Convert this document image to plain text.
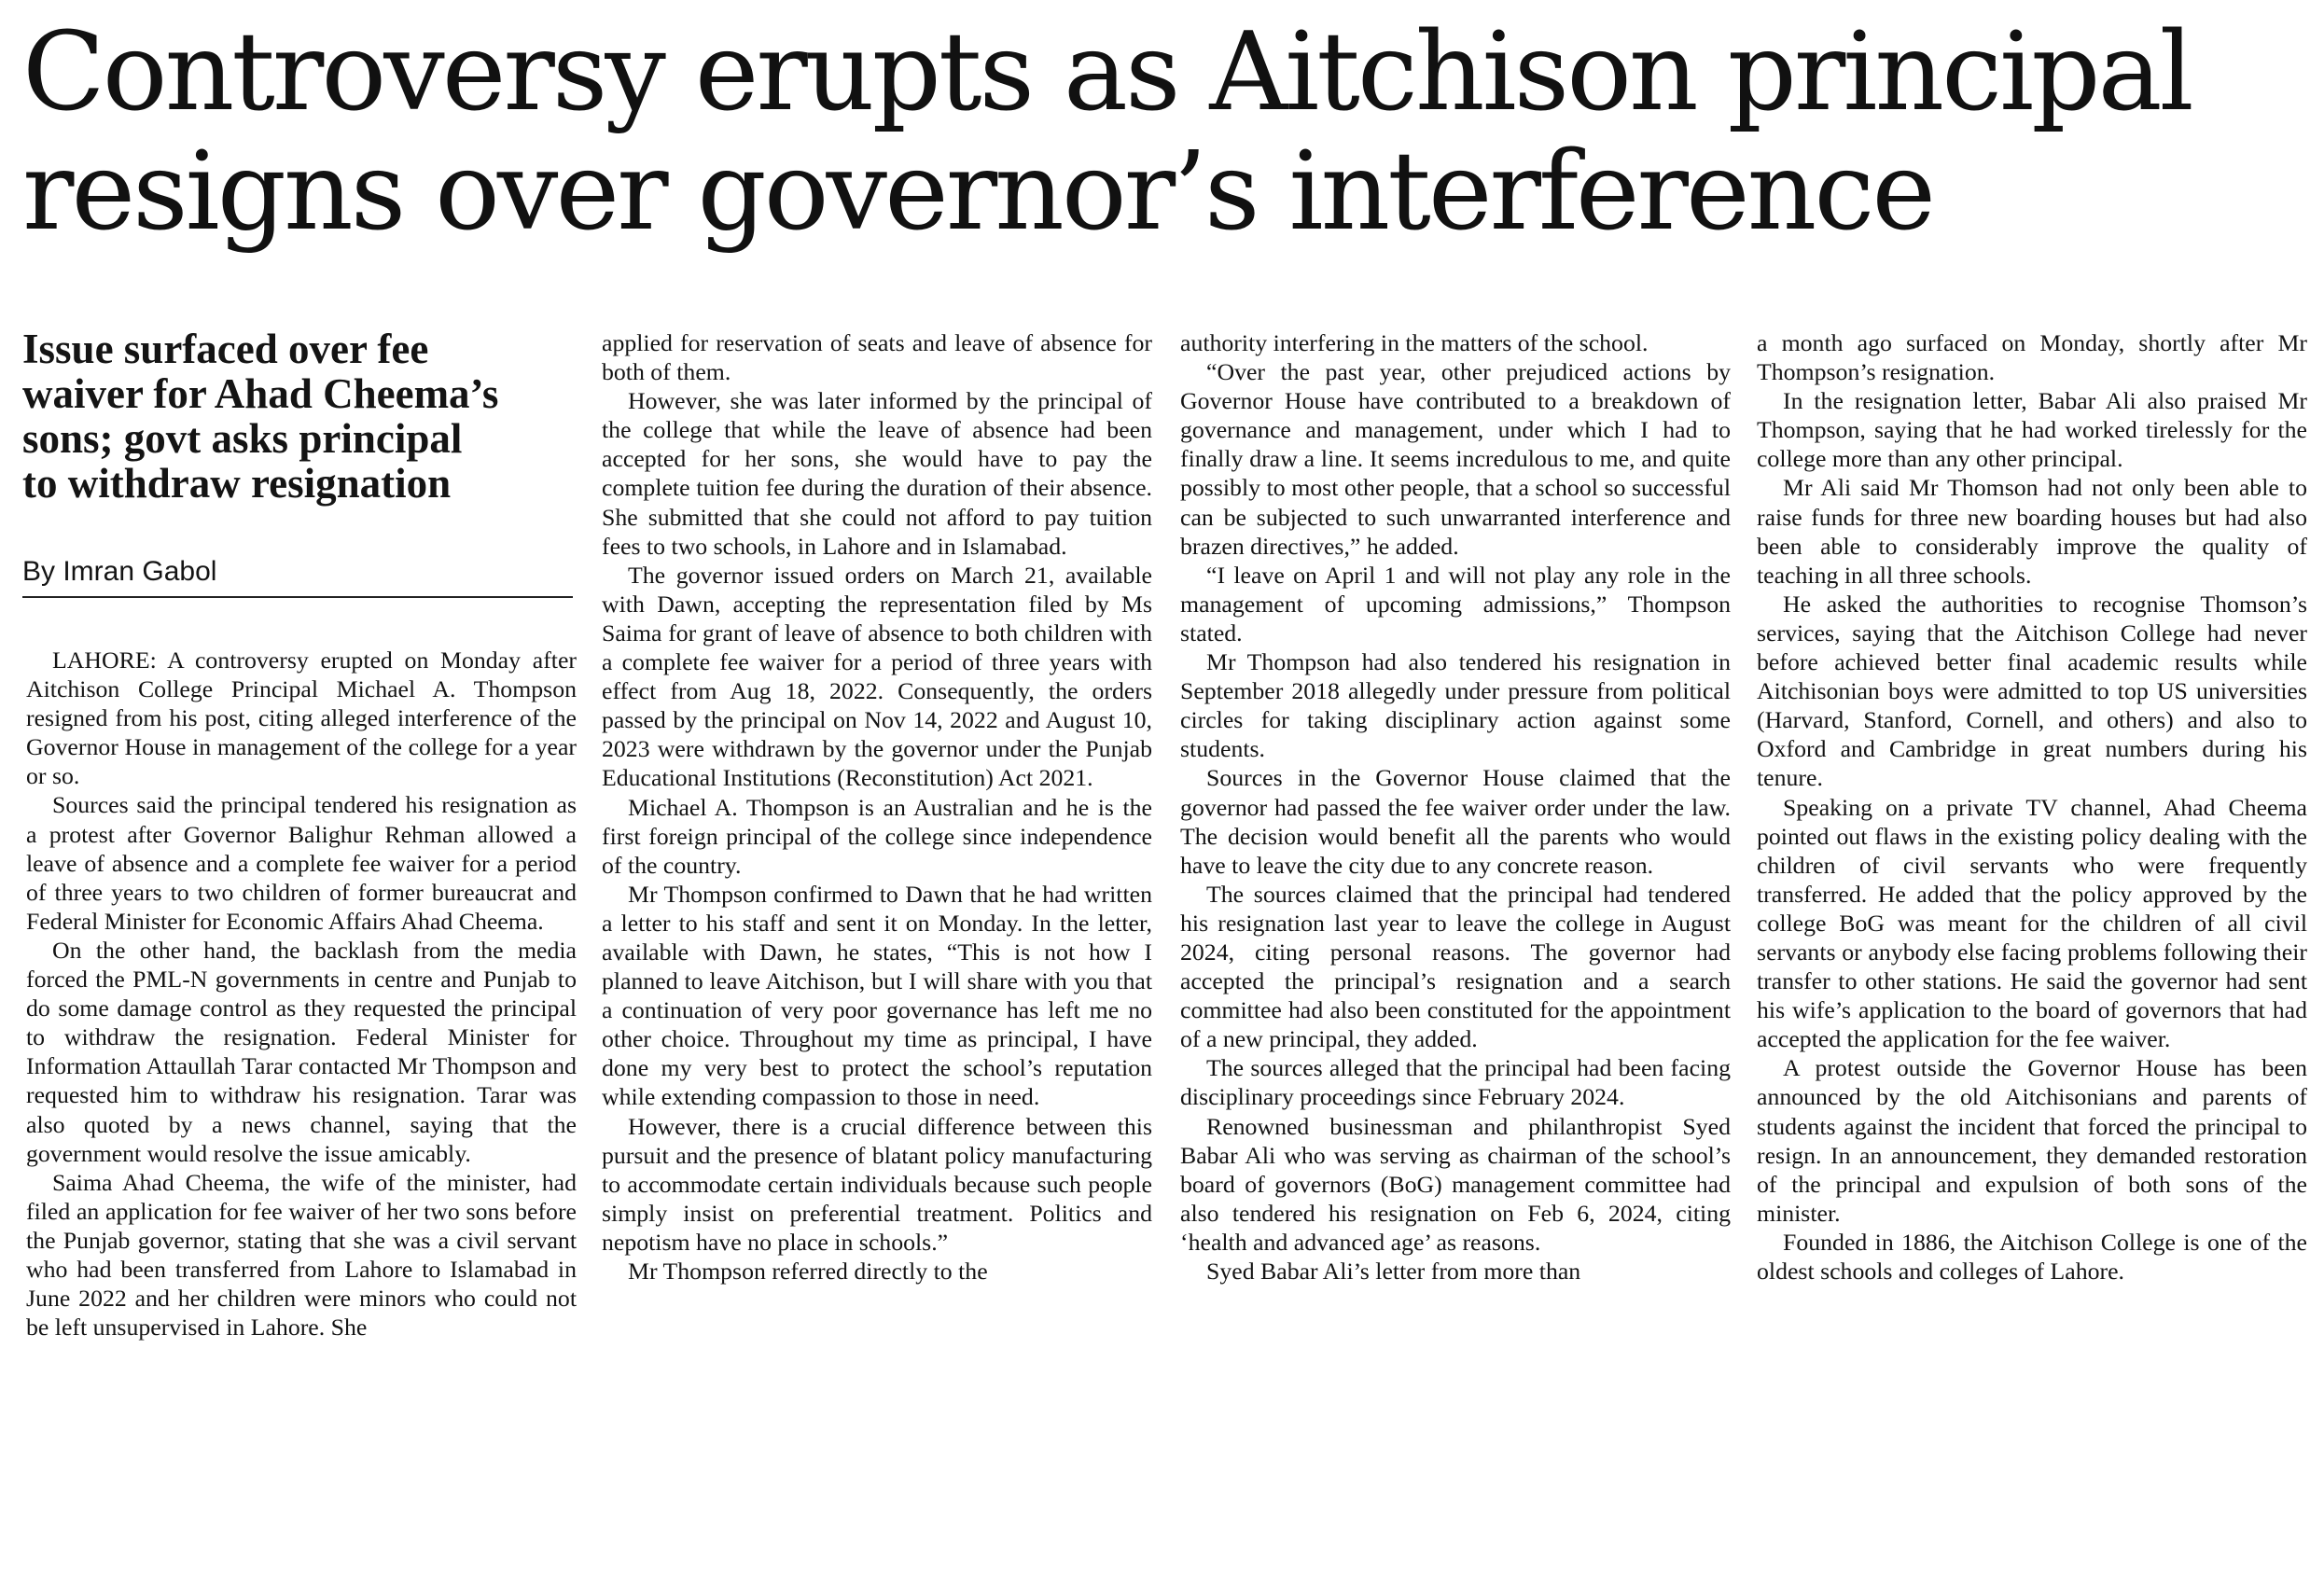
Controversy erupts as Aitchison principal
resigns over governor’s interference
Issue surfaced over fee
waiver for Ahad Cheema’s
sons; govt asks principal
to withdraw resignation
By Imran Gabol

LAHORE: A controversy erupted on Monday after Aitchison College Principal Michael A. Thompson resigned from his post, citing alleged interference of the Governor House in management of the college for a year or so.

Sources said the principal tendered his resignation as a protest after Governor Balighur Rehman allowed a leave of absence and a complete fee waiver for a period of three years to two children of former bureaucrat and Federal Minister for Economic Affairs Ahad Cheema.

On the other hand, the backlash from the media forced the PML-N governments in centre and Punjab to do some damage control as they requested the principal to withdraw the resignation. Federal Minister for Information Attaullah Tarar contacted Mr Thompson and requested him to withdraw his resignation. Tarar was also quoted by a news channel, saying that the government would resolve the issue amicably.

Saima Ahad Cheema, the wife of the minister, had filed an application for fee waiver of her two sons before the Punjab governor, stating that she was a civil servant who had been transferred from Lahore to Islamabad in June 2022 and her children were minors who could not be left unsupervised in Lahore. She

applied for reservation of seats and leave of absence for both of them.

However, she was later informed by the principal of the college that while the leave of absence had been accepted for her sons, she would have to pay the complete tuition fee during the duration of their absence. She submitted that she could not afford to pay tuition fees to two schools, in Lahore and in Islamabad.

The governor issued orders on March 21, available with Dawn, accepting the representation filed by Ms Saima for grant of leave of absence to both children with a complete fee waiver for a period of three years with effect from Aug 18, 2022. Consequently, the orders passed by the principal on Nov 14, 2022 and August 10, 2023 were withdrawn by the governor under the Punjab Educational Institutions (Reconstitution) Act 2021.

Michael A. Thompson is an Australian and he is the first foreign principal of the college since independence of the country.

Mr Thompson confirmed to Dawn that he had written a letter to his staff and sent it on Monday. In the letter, available with Dawn, he states, “This is not how I planned to leave Aitchison, but I will share with you that a continuation of very poor governance has left me no other choice. Throughout my time as principal, I have done my very best to protect the school’s reputation while extending compassion to those in need.

However, there is a crucial difference between this pursuit and the presence of blatant policy manufacturing to accommodate certain individuals because such people simply insist on preferential treatment. Politics and nepotism have no place in schools.”

Mr Thompson referred directly to the

authority interfering in the matters of the school.

“Over the past year, other prejudiced actions by Governor House have contributed to a breakdown of governance and management, under which I had to finally draw a line. It seems incredulous to me, and quite possibly to most other people, that a school so successful can be subjected to such unwarranted interference and brazen directives,” he added.

“I leave on April 1 and will not play any role in the management of upcoming admissions,” Thompson stated.

Mr Thompson had also tendered his resignation in September 2018 allegedly under pressure from political circles for taking disciplinary action against some students.

Sources in the Governor House claimed that the governor had passed the fee waiver order under the law. The decision would benefit all the parents who would have to leave the city due to any concrete reason.

The sources claimed that the principal had tendered his resignation last year to leave the college in August 2024, citing personal reasons. The governor had accepted the principal’s resignation and a search committee had also been constituted for the appointment of a new principal, they added.

The sources alleged that the principal had been facing disciplinary proceedings since February 2024.

Renowned businessman and philanthropist Syed Babar Ali who was serving as chairman of the school’s board of governors (BoG) management committee had also tendered his resignation on Feb 6, 2024, citing ‘health and advanced age’ as reasons.

Syed Babar Ali’s letter from more than

a month ago surfaced on Monday, shortly after Mr Thompson’s resignation.

In the resignation letter, Babar Ali also praised Mr Thompson, saying that he had worked tirelessly for the college more than any other principal.

Mr Ali said Mr Thomson had not only been able to raise funds for three new boarding houses but had also been able to considerably improve the quality of teaching in all three schools.

He asked the authorities to recognise Thomson’s services, saying that the Aitchison College had never before achieved better final academic results while Aitchisonian boys were admitted to top US universities (Harvard, Stanford, Cornell, and others) and also to Oxford and Cambridge in great numbers during his tenure.

Speaking on a private TV channel, Ahad Cheema pointed out flaws in the existing policy dealing with the children of civil servants who were frequently transferred. He added that the policy approved by the college BoG was meant for the children of all civil servants or anybody else facing problems following their transfer to other stations. He said the governor had sent his wife’s application to the board of governors that had accepted the application for the fee waiver.

A protest outside the Governor House has been announced by the old Aitchisonians and parents of students against the incident that forced the principal to resign. In an announcement, they demanded restoration of the principal and expulsion of both sons of the minister.

Founded in 1886, the Aitchison College is one of the oldest schools and colleges of Lahore.
